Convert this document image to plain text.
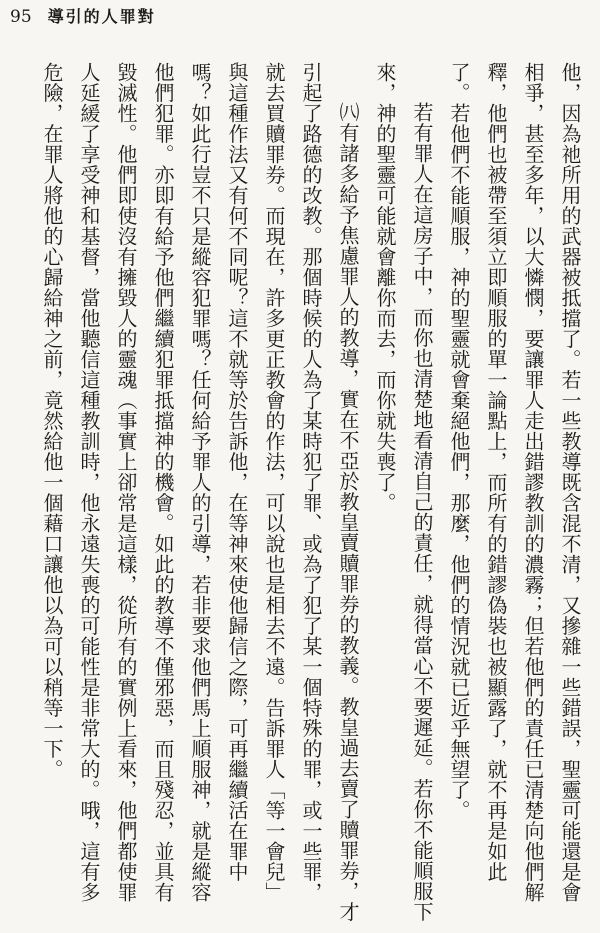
95 導引的人罪對

他，因為祂所用的武器被抵擋了。若一些教導既含混不清，又摻雜一些錯誤，聖靈可能還是會相爭，甚至多年，以大憐憫，要讓罪人走出錯謬教訓的濃霧；但若他們的責任已清楚向他們解釋，他們也被帶至須立即順服的單一論點上，而所有的錯謬偽裝也被顯露了，就不再是如此了。若他們不能順服，神的聖靈就會棄絕他們，那麼，他們的情況就已近乎無望了。

若有罪人在這房子中，而你也清楚地看清自己的責任，就得當心不要遲延。若你不能順服下來，神的聖靈可能就會離你而去，而你就失喪了。

㈧有諸多給予焦慮罪人的教導，實在不亞於教皇賣贖罪券的教義。教皇過去賣了贖罪券，才引起了路德的改教。那個時候的人為了某時犯了罪、或為了犯了某一個特殊的罪，或一些罪，就去買贖罪券。而現在，許多更正教會的作法，可以說也是相去不遠。告訴罪人「等一會兒」與這種作法又有何不同呢？這不就等於告訴他，在等神來使他歸信之際，可再繼續活在罪中嗎？如此行豈不只是縱容犯罪嗎？任何給予罪人的引導，若非要求他們馬上順服神，就是縱容他們犯罪。亦即有給予他們繼續犯罪抵擋神的機會。如此的教導不僅邪惡，而且殘忍，並具有毀滅性。他們即使沒有擁毀人的靈魂（事實上卻常是這樣，從所有的實例上看來，他們都使罪人延緩了享受神和基督，當他聽信這種教訓時，他永遠失喪的可能性是非常大的。哦，這有多危險，在罪人將他的心歸給神之前，竟然給他一個藉口讓他以為可以稍等一下。
